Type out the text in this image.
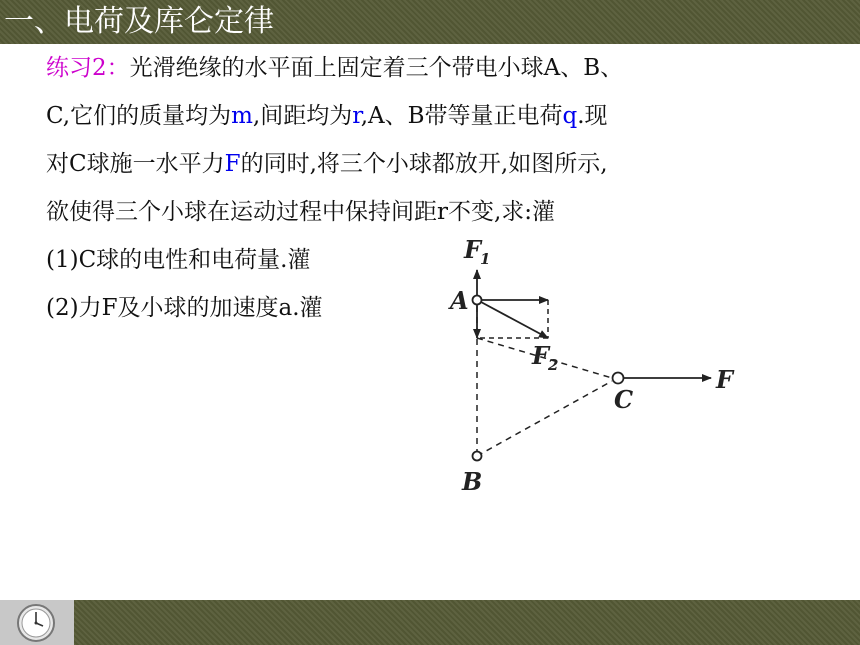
一、电荷及库仑定律
练习2：光滑绝缘的水平面上固定着三个带电小球A、B、
C,它们的质量均为m,间距均为r,A、B带等量正电荷q.现
对C球施一水平力F的同时,将三个小球都放开,如图所示,
欲使得三个小球在运动过程中保持间距r不变,求:灌
(1)C球的电性和电荷量.灌
(2)力F及小球的加速度a.灌
F
1
A
F
2
C
F
B
